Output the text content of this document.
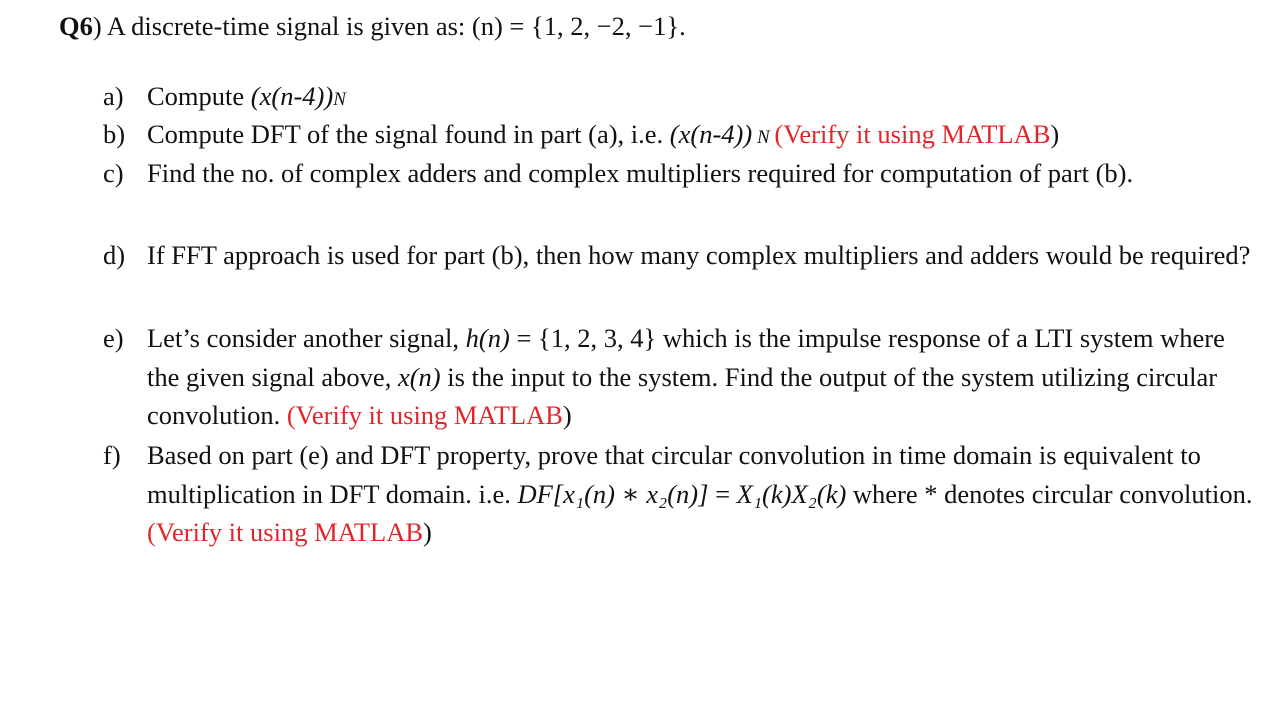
Q6) A discrete-time signal is given as: (n) = {1, 2, −2, −1}.
a) Compute (x(n-4))N
b) Compute DFT of the signal found in part (a), i.e. (x(n-4)) N (Verify it using MATLAB)
c) Find the no. of complex adders and complex multipliers required for computation of part (b).
d) If FFT approach is used for part (b), then how many complex multipliers and adders would be required?
e) Let’s consider another signal, h(n) = {1, 2, 3, 4} which is the impulse response of a LTI system where the given signal above, x(n) is the input to the system. Find the output of the system utilizing circular convolution. (Verify it using MATLAB)
f) Based on part (e) and DFT property, prove that circular convolution in time domain is equivalent to multiplication in DFT domain. i.e. DF[x₁(n) ∗ x₂(n)] = X₁(k)X₂(k) where * denotes circular convolution. (Verify it using MATLAB)
